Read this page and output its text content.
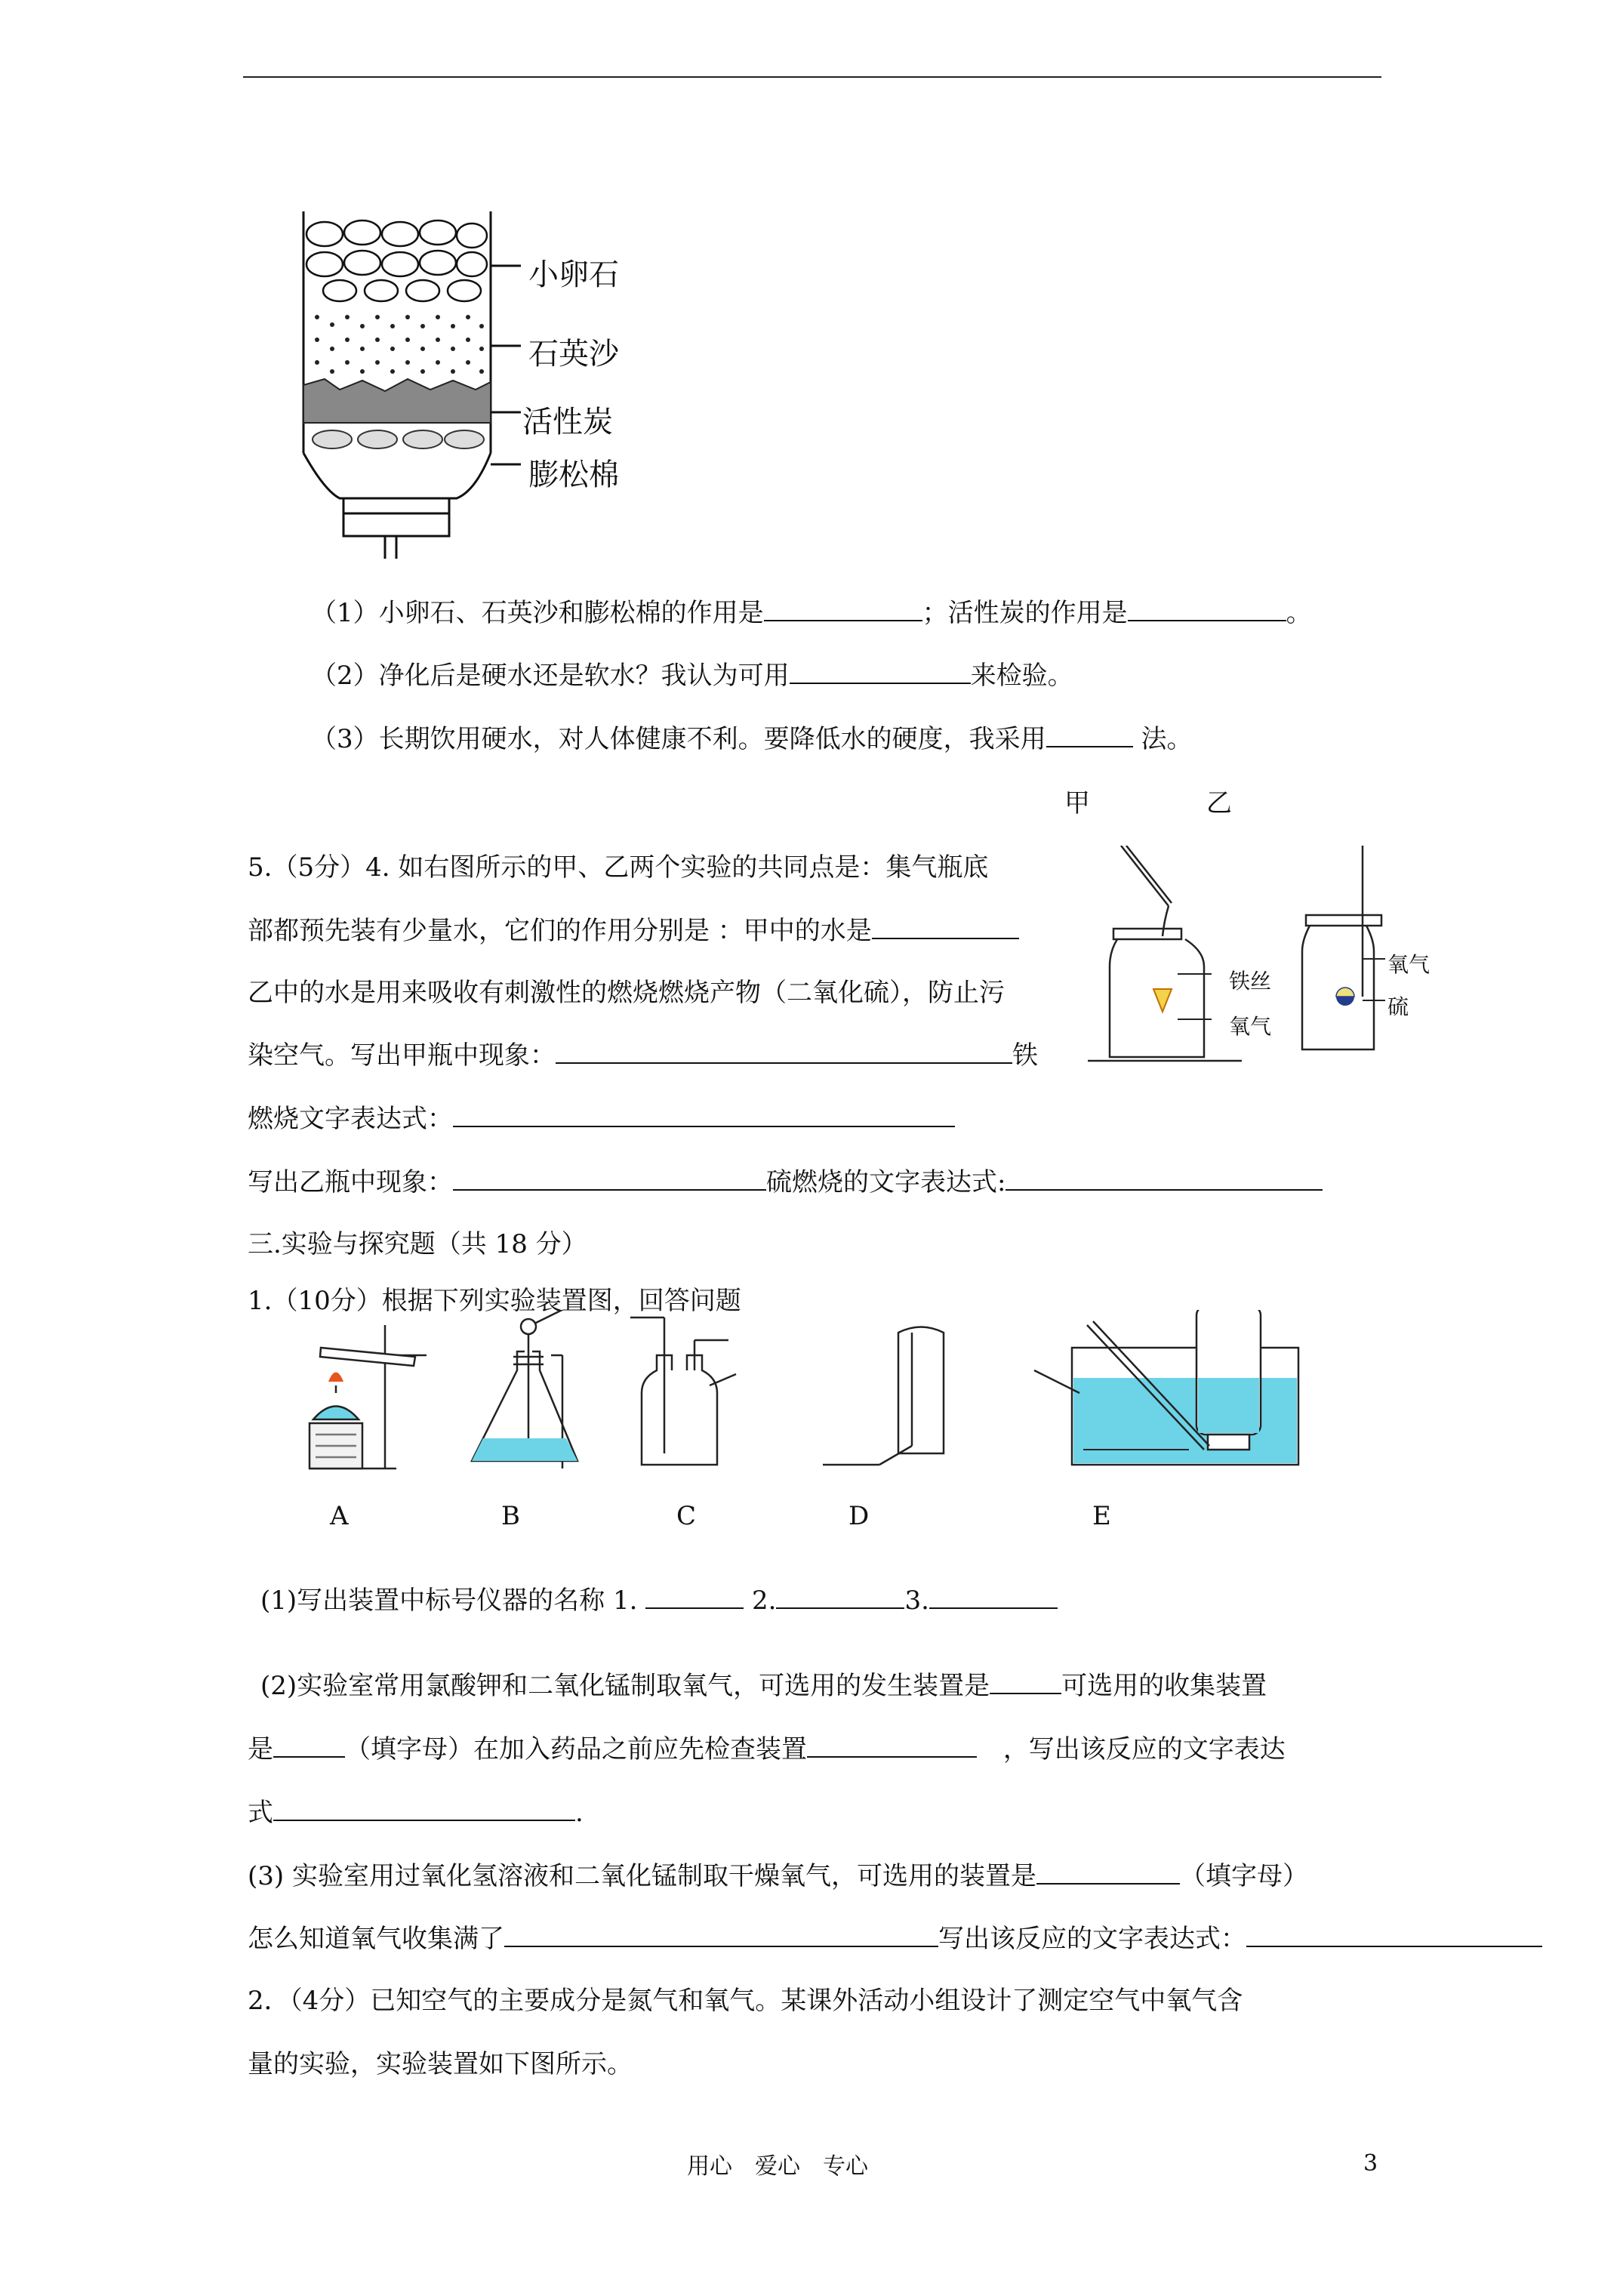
小卵石
石英沙
活性炭
膨松棉
（1）小卵石、石英沙和膨松棉的作用是	；活性炭的作用是	。
（2）净化后是硬水还是软水？我认为可用	来检验。
（3）长期饮用硬水，对人体健康不利。要降低水的硬度，我采用	法。
甲	乙
5.（5分）4. 如右图所示的甲、乙两个实验的共同点是：集气瓶底
部都预先装有少量水，它们的作用分别是 ：甲中的水是
乙中的水是用来吸收有刺激性的燃烧燃烧产物（二氧化硫），防止污
染空气。写出甲瓶中现象：	铁
燃烧文字表达式：
写出乙瓶中现象：	硫燃烧的文字表达式:
铁丝
氧气
氧气
硫
三.实验与探究题（共 18 分）
1.（10分）根据下列实验装置图，回答问题
A	B	C	D	E
(1)写出装置中标号仪器的名称 1.	2.	3.
(2)实验室常用氯酸钾和二氧化锰制取氧气，可选用的发生装置是	可选用的收集装置
是	（填字母）在加入药品之前应先检查装置	，写出该反应的文字表达
式	.
(3) 实验室用过氧化氢溶液和二氧化锰制取干燥氧气，可选用的装置是	（填字母）
怎么知道氧气收集满了	写出该反应的文字表达式：
2．（4分）已知空气的主要成分是氮气和氧气。某课外活动小组设计了测定空气中氧气含
量的实验，实验装置如下图所示。
用心　爱心　专心	3
